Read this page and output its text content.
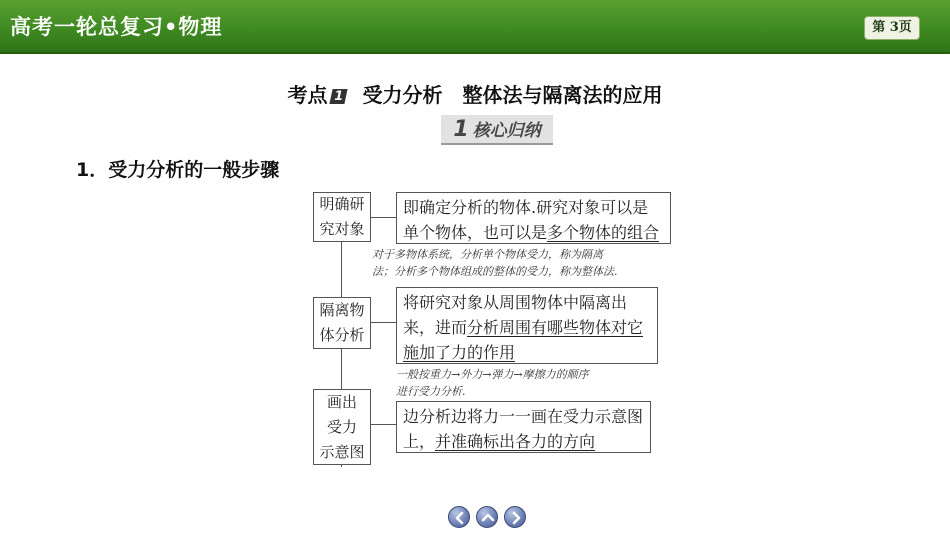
高考一轮总复习•物理	第 3页
考点 1 受力分析　整体法与隔离法的应用
1 核心归纳
1．受力分析的一般步骤
明确研
究对象
即确定分析的物体.研究对象可以是单个物体，也可以是多个物体的组合
对于多物体系统，分析单个物体受力，称为隔离
法；分析多个物体组成的整体的受力，称为整体法.
隔离物
体分析
将研究对象从周围物体中隔离出来，进而分析周围有哪些物体对它施加了力的作用
一般按重力→外力→弹力→摩擦力的顺序
进行受力分析.
画出
受力
示意图
边分析边将力一一画在受力示意图上，并准确标出各力的方向
